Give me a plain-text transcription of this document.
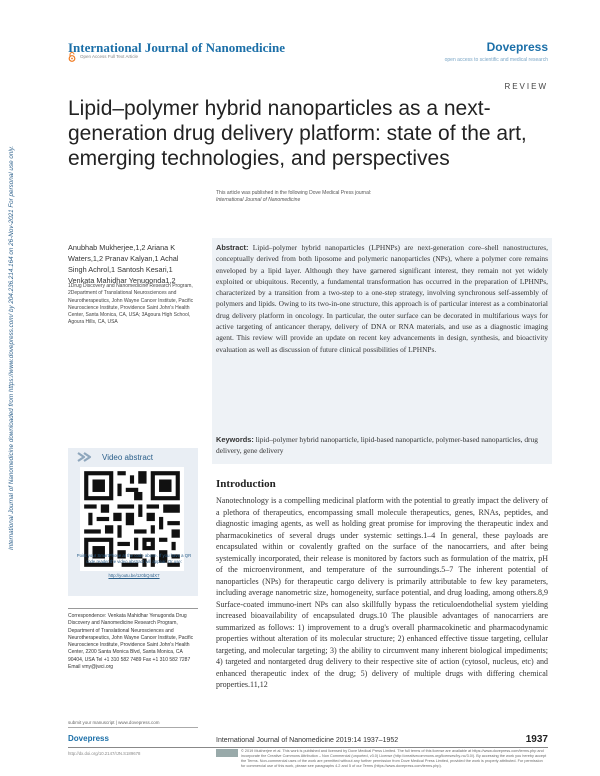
International Journal of Nanomedicine	Dovepress
open access to scientific and medical research
Open Access Full Text Article
REVIEW
Lipid–polymer hybrid nanoparticles as a next-generation drug delivery platform: state of the art, emerging technologies, and perspectives
International Journal of Nanomedicine downloaded from https://www.dovepress.com/ by 204.236.214.164 on 26-Nov-2021 For personal use only.	This article was published in the following Dove Medical Press journal:
International Journal of Nanomedicine
Anubhab Mukherjee,1,2 Ariana K Waters,1,2 Pranav Kalyan,1 Achal Singh Achrol,1 Santosh Kesari,1 Venkata Mahidhar Yenugonda1,2
1Drug Discovery and Nanomedicine Research Program, 2Department of Translational Neurosciences and Neurotherapeutics, John Wayne Cancer Institute, Pacific Neuroscience Institute, Providence Saint John's Health Center, Santa Monica, CA, USA; 3Agoura High School, Agoura Hills, CA, USA
Video abstract
Point your SmartPhone at the code above. If you have a QR code reader the video abstract will appear. Or use:
http://youtu.be/1z0bQ4dX7
Correspondence: Venkata Mahidhar Yenugonda Drug Discovery and Nanomedicine Research Program, Department of Translational Neurosciences and Neurotherapeutics, John Wayne Cancer Institute, Pacific Neuroscience Institute, Providence Saint John's Health Center, 2200 Santa Monica Blvd, Santa Monica, CA 90404, USA Tel +1 310 582 7489 Fax +1 310 582 7287 Email vmy@jwci.org
Abstract: Lipid–polymer hybrid nanoparticles (LPHNPs) are next-generation core–shell nanostructures, conceptually derived from both liposome and polymeric nanoparticles (NPs), where a polymer core remains enveloped by a lipid layer. Although they have garnered significant interest, they remain not yet widely exploited or ubiquitous. Recently, a fundamental transformation has occurred in the preparation of LPHNPs, characterized by a transition from a two-step to a one-step strategy, involving synchronous self-assembly of polymers and lipids. Owing to its two-in-one structure, this approach is of particular interest as a combinatorial drug delivery platform in oncology. In particular, the outer surface can be decorated in multifarious ways for active targeting of anticancer therapy, delivery of DNA or RNA materials, and use as a diagnostic imaging agent. This review will provide an update on recent key advancements in design, synthesis, and bioactivity evaluation as well as discussion of future clinical possibilities of LPHNPs.
Keywords: lipid–polymer hybrid nanoparticle, lipid-based nanoparticle, polymer-based nanoparticles, drug delivery, gene delivery
Introduction
Nanotechnology is a compelling medicinal platform with the potential to greatly impact the delivery of a plethora of therapeutics, encompassing small molecule therapeutics, genes, RNAs, peptides, and diagnostic imaging agents, as well as holding great promise for improving the therapeutic index and pharmacokinetics of several drugs under systemic settings.1–4 In general, these payloads are encapsulated within or covalently grafted on the surface of the nanocarriers, and after being systemically incorporated, their release is monitored by factors such as formulation of the matrix, pH of the microenvironment, and temperature of the surroundings.5–7 The inherent potential of nanoparticles (NPs) for therapeutic cargo delivery is primarily attributable to few key parameters, including average nanometric size, homogeneity, surface potential, and drug loading, among others.8,9 Surface-coated immuno-inert NPs can also skillfully bypass the reticuloendothelial system yielding increased bioavailability of encapsulated drugs.10 The plausible advantages of nanocarriers are summarized as follows: 1) improvement to a drug's overall pharmacokinetic and pharmacodynamic properties without alteration of its molecular structure; 2) enhanced effective tissue targeting, cellular targeting, and molecular targeting; 3) the ability to circumvent many inherent biological impediments; 4) targeted and nontargeted drug delivery to their respective site of action (cytosol, nucleus, etc) and enhanced therapeutic index of the drug; 5) delivery of multiple drugs with differing chemical properties.11,12
submit your manuscript | www.dovepress.com
Dovepress
http://dx.doi.org/10.2147/IJN.S189678
International Journal of Nanomedicine 2019:14 1937–1952	1937
© 2019 Mukherjee et al. This work is published and licensed by Dove Medical Press Limited. The full terms of this license are available at https://www.dovepress.com/terms.php and incorporate the Creative Commons Attribution – Non Commercial (unported, v3.0) License (http://creativecommons.org/licenses/by-nc/3.0/). By accessing the work you hereby accept the Terms. Non-commercial uses of the work are permitted without any further permission from Dove Medical Press Limited, provided the work is properly attributed. For permission for commercial use of this work, please see paragraphs 4.2 and 5 of our Terms (https://www.dovepress.com/terms.php).
